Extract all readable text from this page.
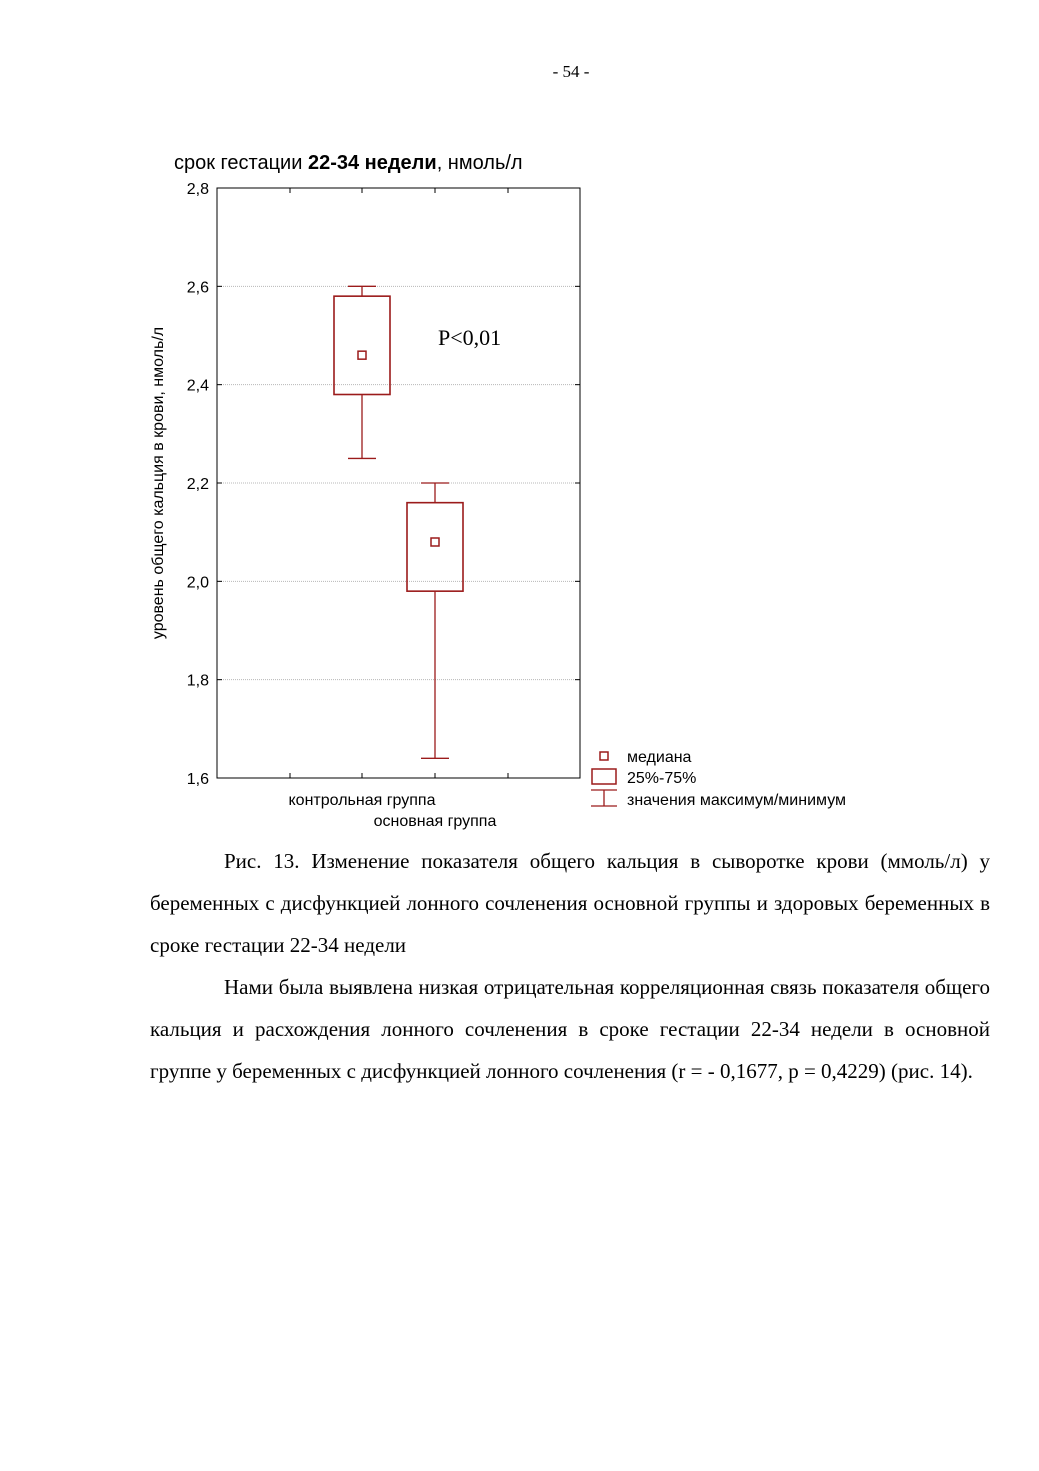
- 54 -
срок гестации 22-34 недели, нмоль/л
1,6
1,8
2,0
2,2
2,4
2,6
2,8
уровень общего кальция в крови, нмоль/л
контрольная группа
основная группа
P<0,01
медиана
25%-75%
значения максимум/минимум

Рис. 13. Изменение показателя общего кальция в сыворотке крови (ммоль/л) у беременных с дисфункцией лонного сочленения основной группы и здоровых беременных в сроке гестации 22-34 недели

Нами была выявлена низкая отрицательная корреляционная связь показателя общего кальция и расхождения лонного сочленения в сроке гестации 22-34 недели в основной группе у беременных с дисфункцией лонного сочленения (r = - 0,1677, p = 0,4229) (рис. 14).
